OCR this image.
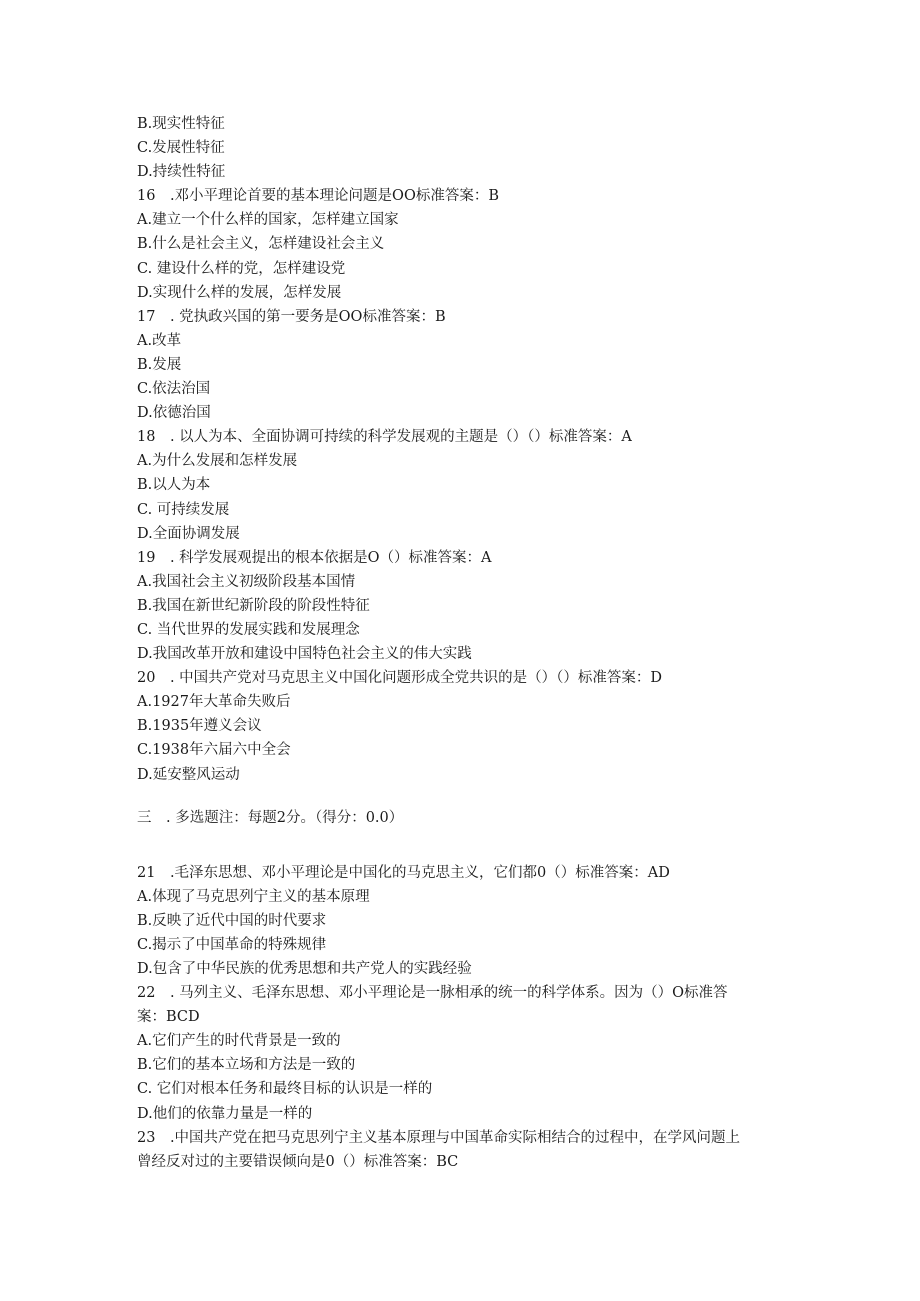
B.现实性特征
C.发展性特征
D.持续性特征
16　.邓小平理论首要的基本理论问题是OO标准答案：B
A.建立一个什么样的国家，怎样建立国家
B.什么是社会主义，怎样建设社会主义
C. 建设什么样的党，怎样建设党
D.实现什么样的发展，怎样发展
17　. 党执政兴国的第一要务是OO标准答案：B
A.改革
B.发展
C.依法治国
D.依德治国
18　. 以人为本、全面协调可持续的科学发展观的主题是（）（）标准答案：A
A.为什么发展和怎样发展
B.以人为本
C. 可持续发展
D.全面协调发展
19　. 科学发展观提出的根本依据是O（）标准答案：A
A.我国社会主义初级阶段基本国情
B.我国在新世纪新阶段的阶段性特征
C. 当代世界的发展实践和发展理念
D.我国改革开放和建设中国特色社会主义的伟大实践
20　. 中国共产党对马克思主义中国化问题形成全党共识的是（）（）标准答案：D
A.1927年大革命失败后
B.1935年遵义会议
C.1938年六届六中全会
D.延安整风运动
三　. 多选题注：每题2分。（得分：0.0）
21　.毛泽东思想、邓小平理论是中国化的马克思主义，它们都0（）标准答案：AD
A.体现了马克思列宁主义的基本原理
B.反映了近代中国的时代要求
C.揭示了中国革命的特殊规律
D.包含了中华民族的优秀思想和共产党人的实践经验
22　. 马列主义、毛泽东思想、邓小平理论是一脉相承的统一的科学体系。因为（）O标准答
案：BCD
A.它们产生的时代背景是一致的
B.它们的基本立场和方法是一致的
C. 它们对根本任务和最终目标的认识是一样的
D.他们的依靠力量是一样的
23　.中国共产党在把马克思列宁主义基本原理与中国革命实际相结合的过程中，在学风问题上
曾经反对过的主要错误倾向是0（）标准答案：BC
